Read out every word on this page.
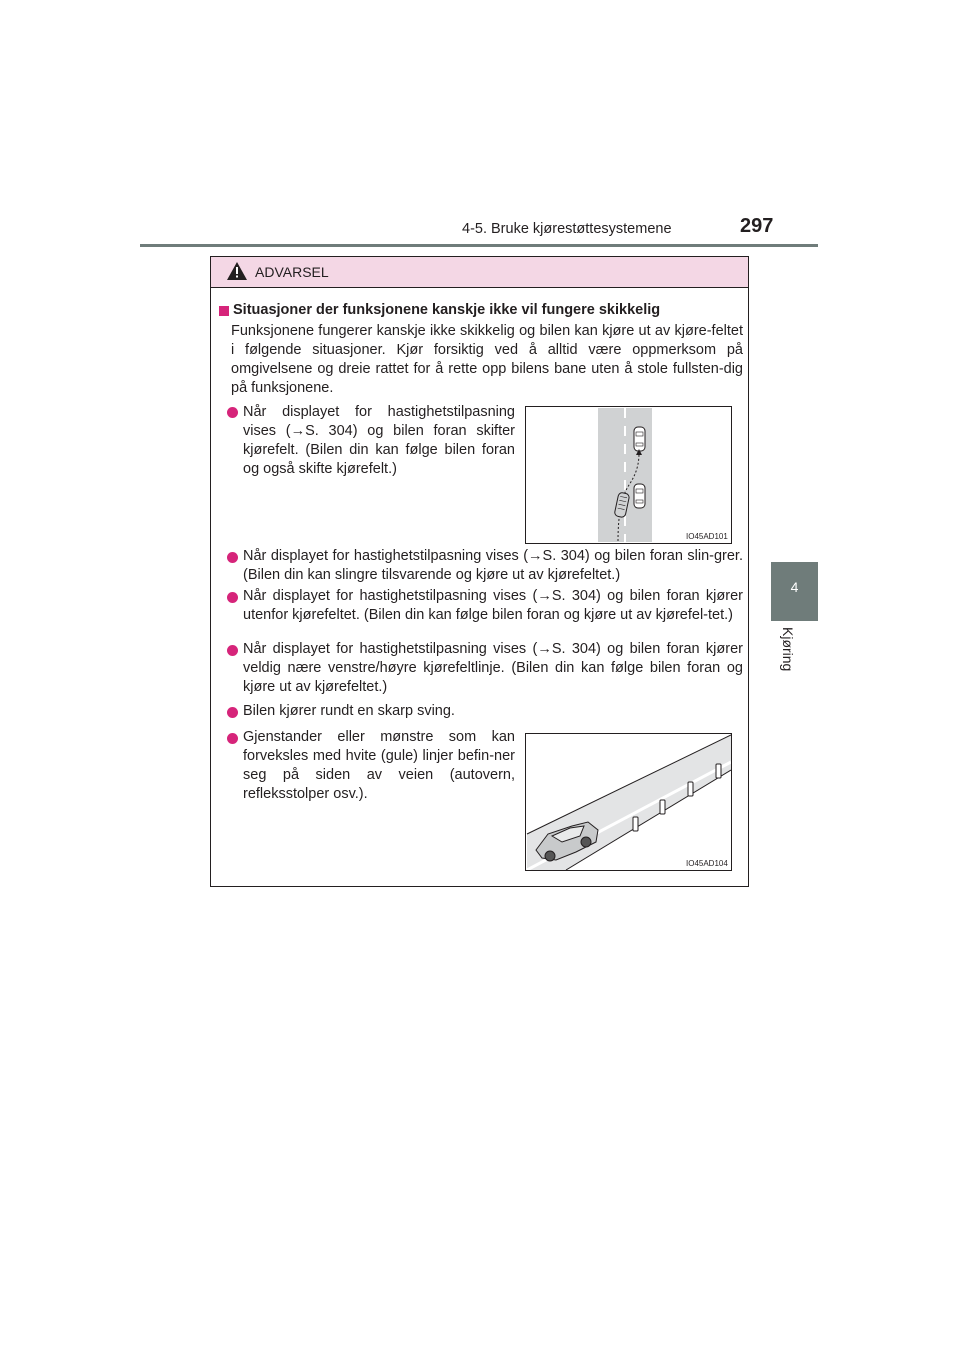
4-5. Bruke kjørestøttesystemene	297
4
Kjøring
ADVARSEL
Situasjoner der funksjonene kanskje ikke vil fungere skikkelig
Funksjonene fungerer kanskje ikke skikkelig og bilen kan kjøre ut av kjøre-feltet i følgende situasjoner. Kjør forsiktig ved å alltid være oppmerksom på omgivelsene og dreie rattet for å rette opp bilens bane uten å stole fullsten-dig på funksjonene.
Når displayet for hastighetstilpasning vises (→S. 304) og bilen foran skifter kjørefelt. (Bilen din kan følge bilen foran og også skifte kjørefelt.)
IO45AD101
Når displayet for hastighetstilpasning vises (→S. 304) og bilen foran slin-grer. (Bilen din kan slingre tilsvarende og kjøre ut av kjørefeltet.)
Når displayet for hastighetstilpasning vises (→S. 304) og bilen foran kjører utenfor kjørefeltet. (Bilen din kan følge bilen foran og kjøre ut av kjørefel-tet.)
Når displayet for hastighetstilpasning vises (→S. 304) og bilen foran kjører veldig nære venstre/høyre kjørefeltlinje. (Bilen din kan følge bilen foran og kjøre ut av kjørefeltet.)
Bilen kjører rundt en skarp sving.
Gjenstander eller mønstre som kan forveksles med hvite (gule) linjer befin-ner seg på siden av veien (autovern, refleksstolper osv.).
IO45AD104
